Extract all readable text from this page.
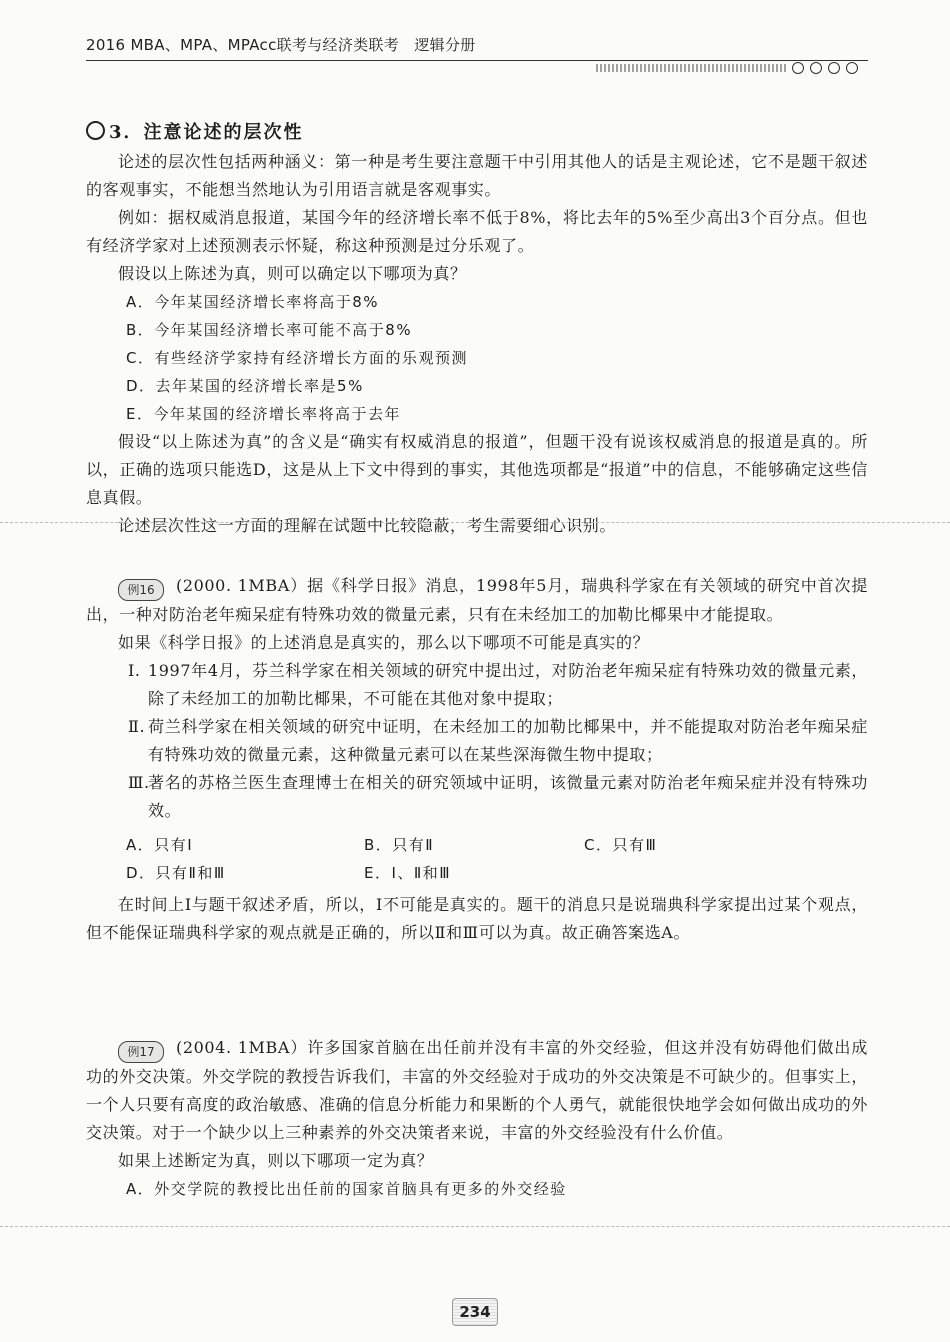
2016 MBA、MPA、MPAcc联考与经济类联考　逻辑分册
3．注意论述的层次性

论述的层次性包括两种涵义：第一种是考生要注意题干中引用其他人的话是主观论述，它不是题干叙述的客观事实，不能想当然地认为引用语言就是客观事实。

例如：据权威消息报道，某国今年的经济增长率不低于8%，将比去年的5%至少高出3个百分点。但也有经济学家对上述预测表示怀疑，称这种预测是过分乐观了。

假设以上陈述为真，则可以确定以下哪项为真？

A．今年某国经济增长率将高于8%
B．今年某国经济增长率可能不高于8%
C．有些经济学家持有经济增长方面的乐观预测
D．去年某国的经济增长率是5%
E．今年某国的经济增长率将高于去年

假设“以上陈述为真”的含义是“确实有权威消息的报道”，但题干没有说该权威消息的报道是真的。所以，正确的选项只能选D，这是从上下文中得到的事实，其他选项都是“报道”中的信息，不能够确定这些信息真假。

论述层次性这一方面的理解在试题中比较隐蔽，考生需要细心识别。

例16 (2000. 1MBA）据《科学日报》消息，1998年5月，瑞典科学家在有关领域的研究中首次提出，一种对防治老年痴呆症有特殊功效的微量元素，只有在未经加工的加勒比椰果中才能提取。

如果《科学日报》的上述消息是真实的，那么以下哪项不可能是真实的？

Ⅰ. 1997年4月，芬兰科学家在相关领域的研究中提出过，对防治老年痴呆症有特殊功效的微量元素，除了未经加工的加勒比椰果，不可能在其他对象中提取；
Ⅱ. 荷兰科学家在相关领域的研究中证明，在未经加工的加勒比椰果中，并不能提取对防治老年痴呆症有特殊功效的微量元素，这种微量元素可以在某些深海微生物中提取；
Ⅲ.
著名的苏格兰医生查理博士在相关的研究领域中证明，该微量元素对防治老年痴呆症并没有特殊功效。
A．只有Ⅰ	B．只有Ⅱ	C．只有Ⅲ
D．只有Ⅱ和Ⅲ	E．Ⅰ、Ⅱ和Ⅲ

在时间上Ⅰ与题干叙述矛盾，所以，Ⅰ不可能是真实的。题干的消息只是说瑞典科学家提出过某个观点，但不能保证瑞典科学家的观点就是正确的，所以Ⅱ和Ⅲ可以为真。故正确答案选A。

例17 (2004. 1MBA）许多国家首脑在出任前并没有丰富的外交经验，但这并没有妨碍他们做出成功的外交决策。外交学院的教授告诉我们，丰富的外交经验对于成功的外交决策是不可缺少的。但事实上，一个人只要有高度的政治敏感、准确的信息分析能力和果断的个人勇气，就能很快地学会如何做出成功的外交决策。对于一个缺少以上三种素养的外交决策者来说，丰富的外交经验没有什么价值。

如果上述断定为真，则以下哪项一定为真？

A．外交学院的教授比出任前的国家首脑具有更多的外交经验
234
